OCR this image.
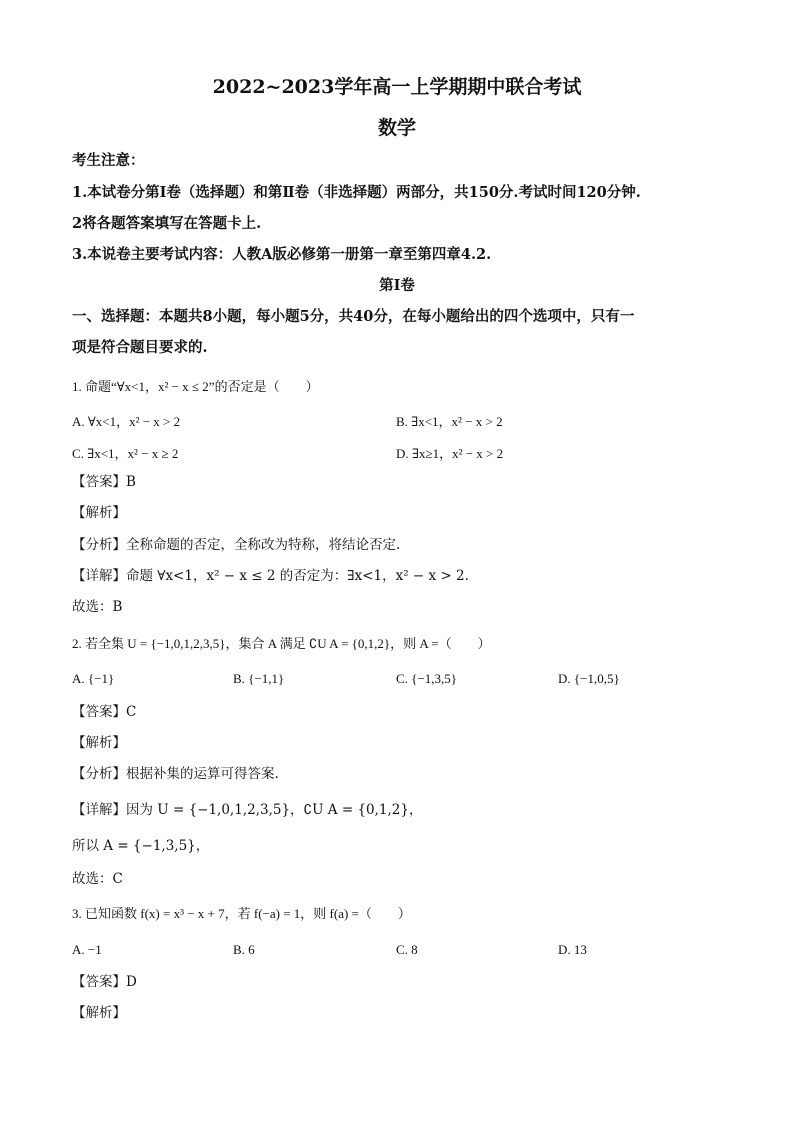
2022~2023学年高一上学期期中联合考试
数学
考生注意：
1.本试卷分第Ⅰ卷（选择题）和第Ⅱ卷（非选择题）两部分，共150分.考试时间120分钟.
2将各题答案填写在答题卡上.
3.本说卷主要考试内容：人教A版必修第一册第一章至第四章4.2.
第Ⅰ卷
一、选择题：本题共8小题，每小题5分，共40分，在每小题给出的四个选项中，只有一
项是符合题目要求的.
1. 命题“∀x<1，x² − x ≤ 2”的否定是（　　）
A. ∀x<1，x² − x > 2	B. ∃x<1，x² − x > 2
C. ∃x<1，x² − x ≥ 2	D. ∃x≥1，x² − x > 2
【答案】B
【解析】
【分析】全称命题的否定，全称改为特称，将结论否定.
【详解】命题 ∀x<1，x² − x ≤ 2 的否定为：∃x<1，x² − x > 2.
故选：B
2. 若全集 U = {−1,0,1,2,3,5}，集合 A 满足 ∁U A = {0,1,2}，则 A =（　　）
A. {−1}	B. {−1,1}	C. {−1,3,5}	D. {−1,0,5}
【答案】C
【解析】
【分析】根据补集的运算可得答案.
【详解】因为 U = {−1,0,1,2,3,5}，∁U A = {0,1,2}，
所以 A = {−1,3,5}，
故选：C
3. 已知函数 f(x) = x³ − x + 7，若 f(−a) = 1，则 f(a) =（　　）
A. −1	B. 6	C. 8	D. 13
【答案】D
【解析】
